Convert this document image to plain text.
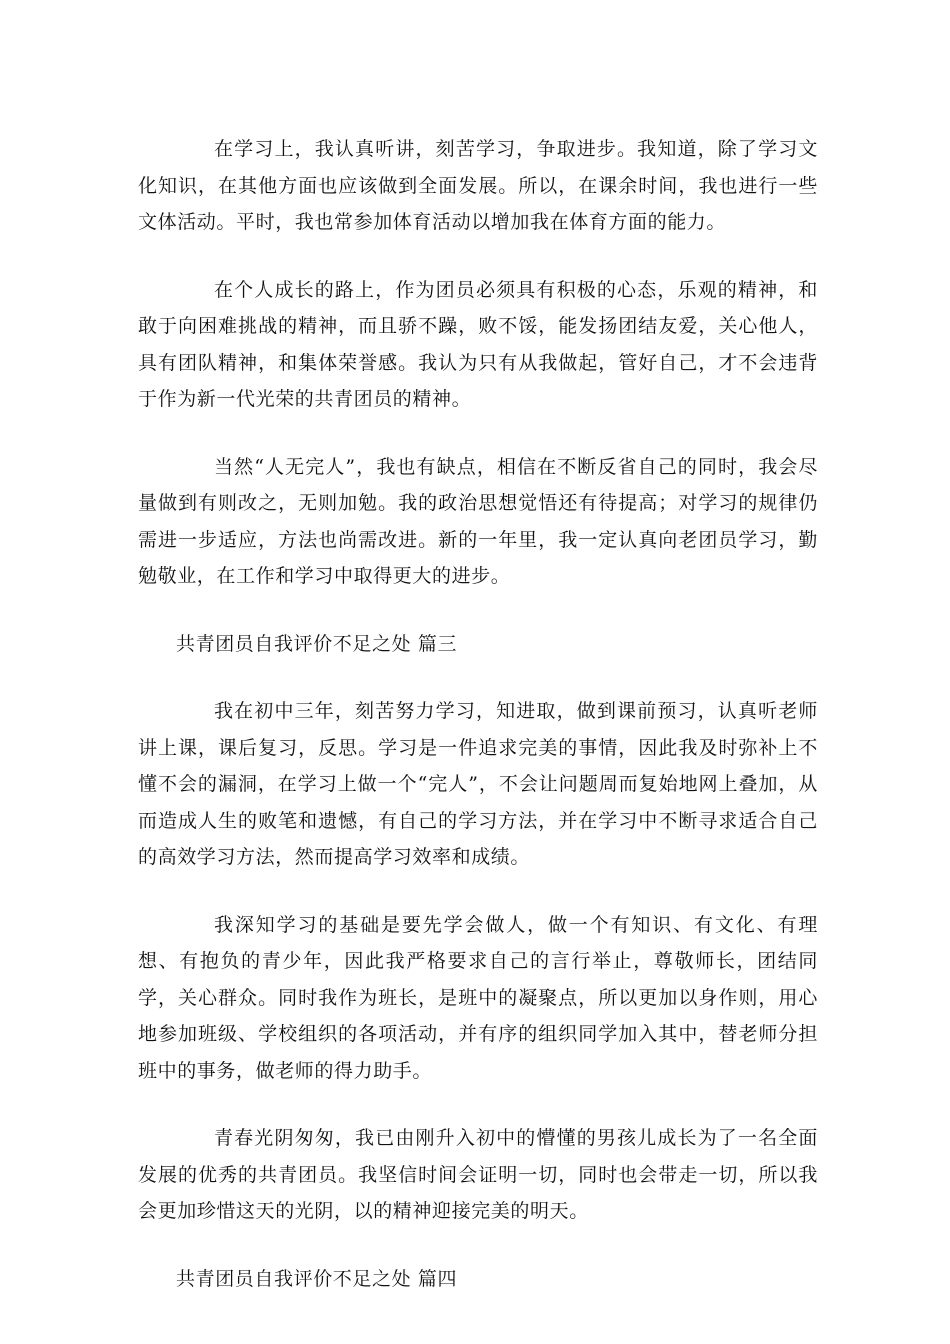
在学习上，我认真听讲，刻苦学习，争取进步。我知道，除了学习文化知识，在其他方面也应该做到全面发展。所以，在课余时间，我也进行一些文体活动。平时，我也常参加体育活动以增加我在体育方面的能力。

在个人成长的路上，作为团员必须具有积极的心态，乐观的精神，和敢于向困难挑战的精神，而且骄不躁，败不馁，能发扬团结友爱，关心他人，具有团队精神，和集体荣誉感。我认为只有从我做起，管好自己，才不会违背于作为新一代光荣的共青团员的精神。

当然“人无完人”，我也有缺点，相信在不断反省自己的同时，我会尽量做到有则改之，无则加勉。我的政治思想觉悟还有待提高；对学习的规律仍需进一步适应，方法也尚需改进。新的一年里，我一定认真向老团员学习，勤勉敬业，在工作和学习中取得更大的进步。

共青团员自我评价不足之处 篇三

我在初中三年，刻苦努力学习，知进取，做到课前预习，认真听老师讲上课，课后复习，反思。学习是一件追求完美的事情，因此我及时弥补上不懂不会的漏洞，在学习上做一个“完人”，不会让问题周而复始地网上叠加，从而造成人生的败笔和遗憾，有自己的学习方法，并在学习中不断寻求适合自己的高效学习方法，然而提高学习效率和成绩。

我深知学习的基础是要先学会做人，做一个有知识、有文化、有理想、有抱负的青少年，因此我严格要求自己的言行举止，尊敬师长，团结同学，关心群众。同时我作为班长，是班中的凝聚点，所以更加以身作则，用心地参加班级、学校组织的各项活动，并有序的组织同学加入其中，替老师分担班中的事务，做老师的得力助手。

青春光阴匆匆，我已由刚升入初中的懵懂的男孩儿成长为了一名全面发展的优秀的共青团员。我坚信时间会证明一切，同时也会带走一切，所以我会更加珍惜这天的光阴，以的精神迎接完美的明天。

共青团员自我评价不足之处 篇四
